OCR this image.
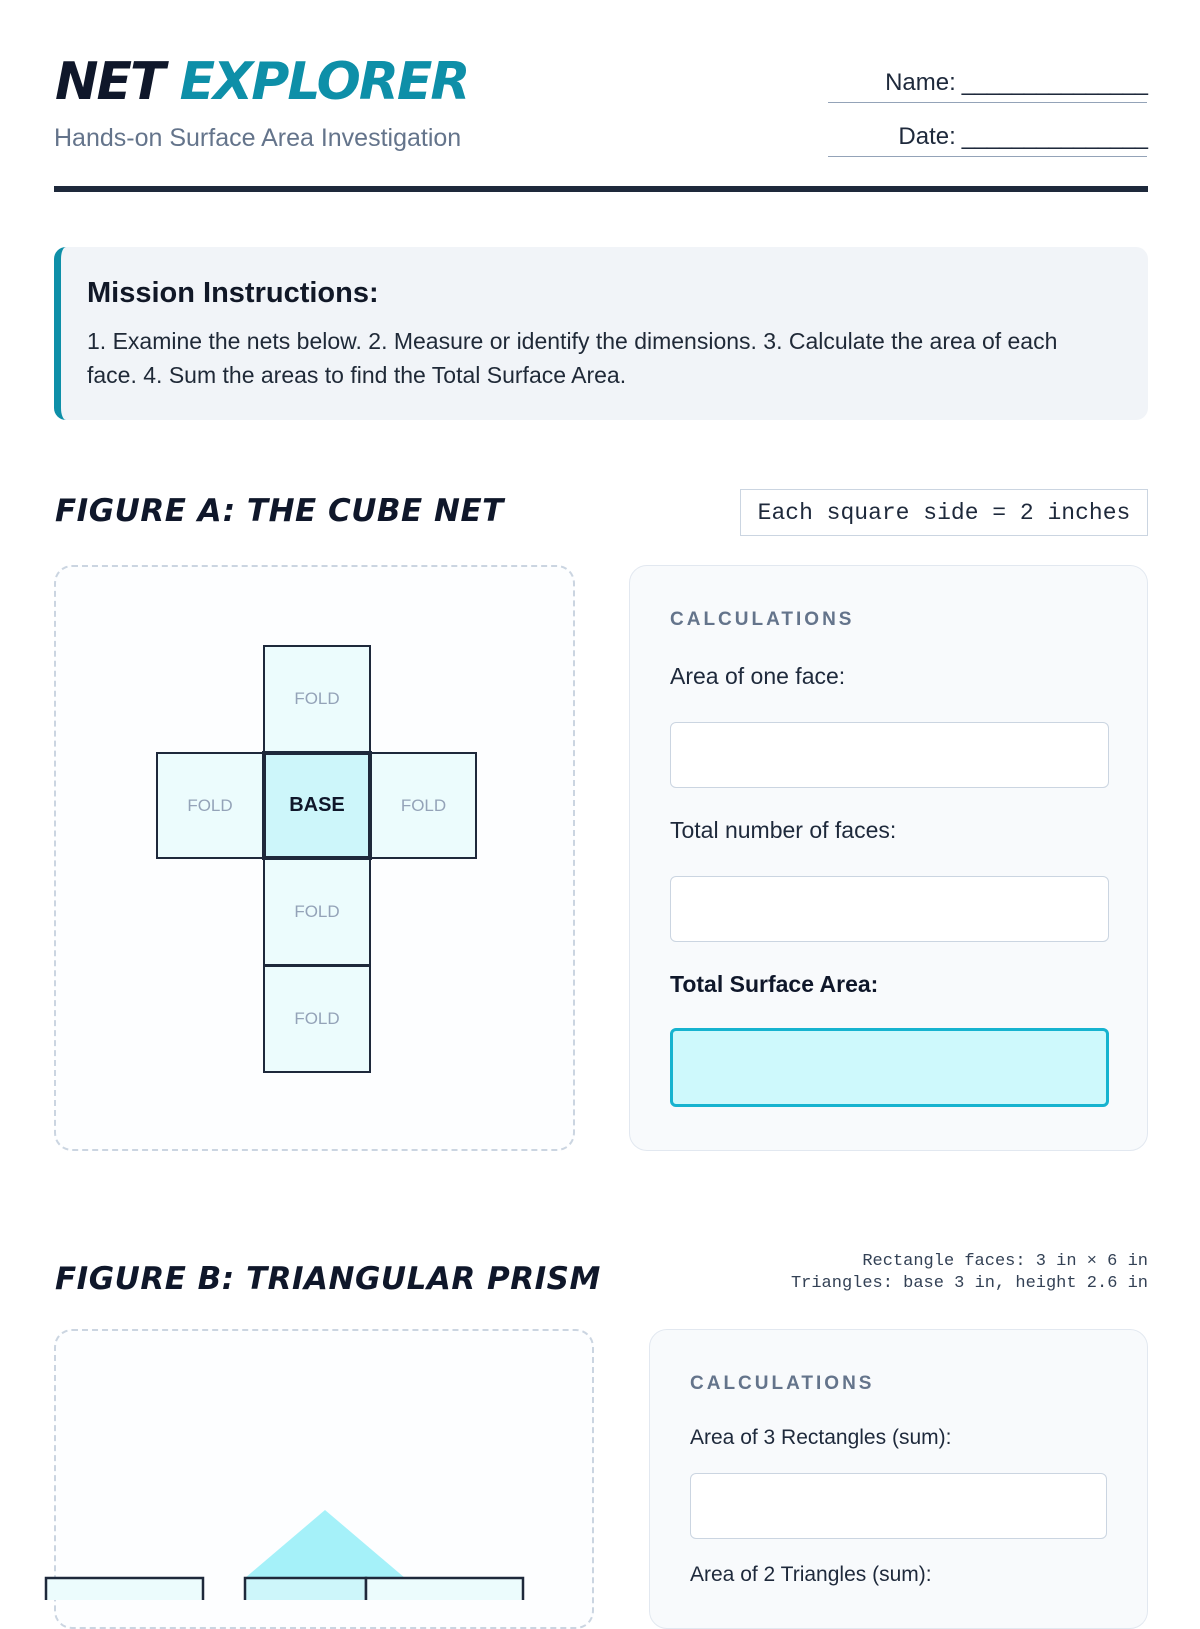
NET EXPLORER
Hands-on Surface Area Investigation
Name: _______________
Date: _______________
Mission Instructions:

1. Examine the nets below. 2. Measure or identify the dimensions. 3. Calculate the area of each face. 4. Sum the areas to find the Total Surface Area.

FIGURE A: THE CUBE NET	Each square side = 2 inches
FOLD
FOLD	BASE	FOLD
FOLD
FOLD
CALCULATIONS
Area of one face:
Total number of faces:
Total Surface Area:
FIGURE B: TRIANGULAR PRISM	Rectangle faces: 3 in × 6 in
Triangles: base 3 in, height 2.6 in
CALCULATIONS
Area of 3 Rectangles (sum):
Area of 2 Triangles (sum):
